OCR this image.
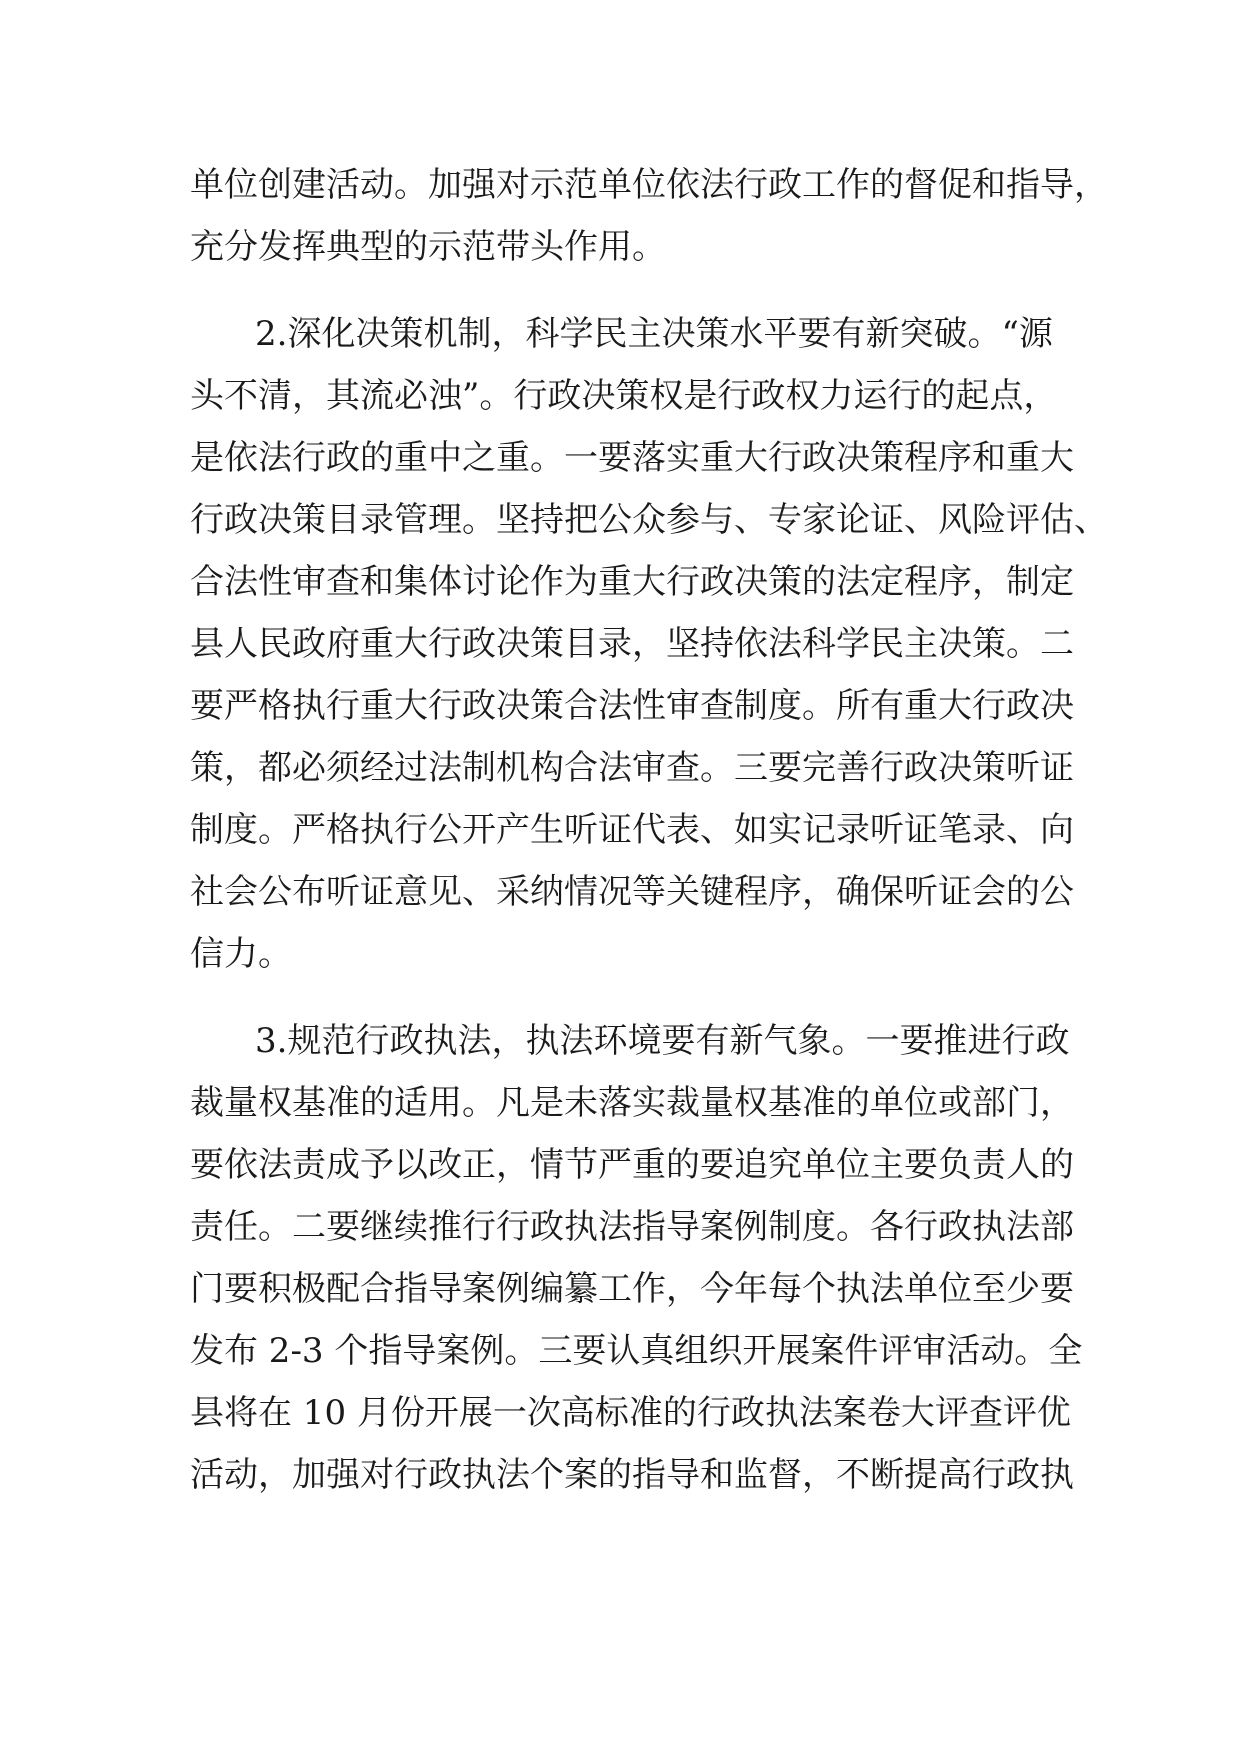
单位创建活动。加强对示范单位依法行政工作的督促和指导，
充分发挥典型的示范带头作用。
2.深化决策机制，科学民主决策水平要有新突破。“源
头不清，其流必浊”。行政决策权是行政权力运行的起点，
是依法行政的重中之重。一要落实重大行政决策程序和重大
行政决策目录管理。坚持把公众参与、专家论证、风险评估、
合法性审查和集体讨论作为重大行政决策的法定程序，制定
县人民政府重大行政决策目录，坚持依法科学民主决策。二
要严格执行重大行政决策合法性审查制度。所有重大行政决
策，都必须经过法制机构合法审查。三要完善行政决策听证
制度。严格执行公开产生听证代表、如实记录听证笔录、向
社会公布听证意见、采纳情况等关键程序，确保听证会的公
信力。
3.规范行政执法，执法环境要有新气象。一要推进行政
裁量权基准的适用。凡是未落实裁量权基准的单位或部门，
要依法责成予以改正，情节严重的要追究单位主要负责人的
责任。二要继续推行行政执法指导案例制度。各行政执法部
门要积极配合指导案例编纂工作，今年每个执法单位至少要
发布 2-3 个指导案例。三要认真组织开展案件评审活动。全
县将在 10 月份开展一次高标准的行政执法案卷大评查评优
活动，加强对行政执法个案的指导和监督，不断提高行政执
